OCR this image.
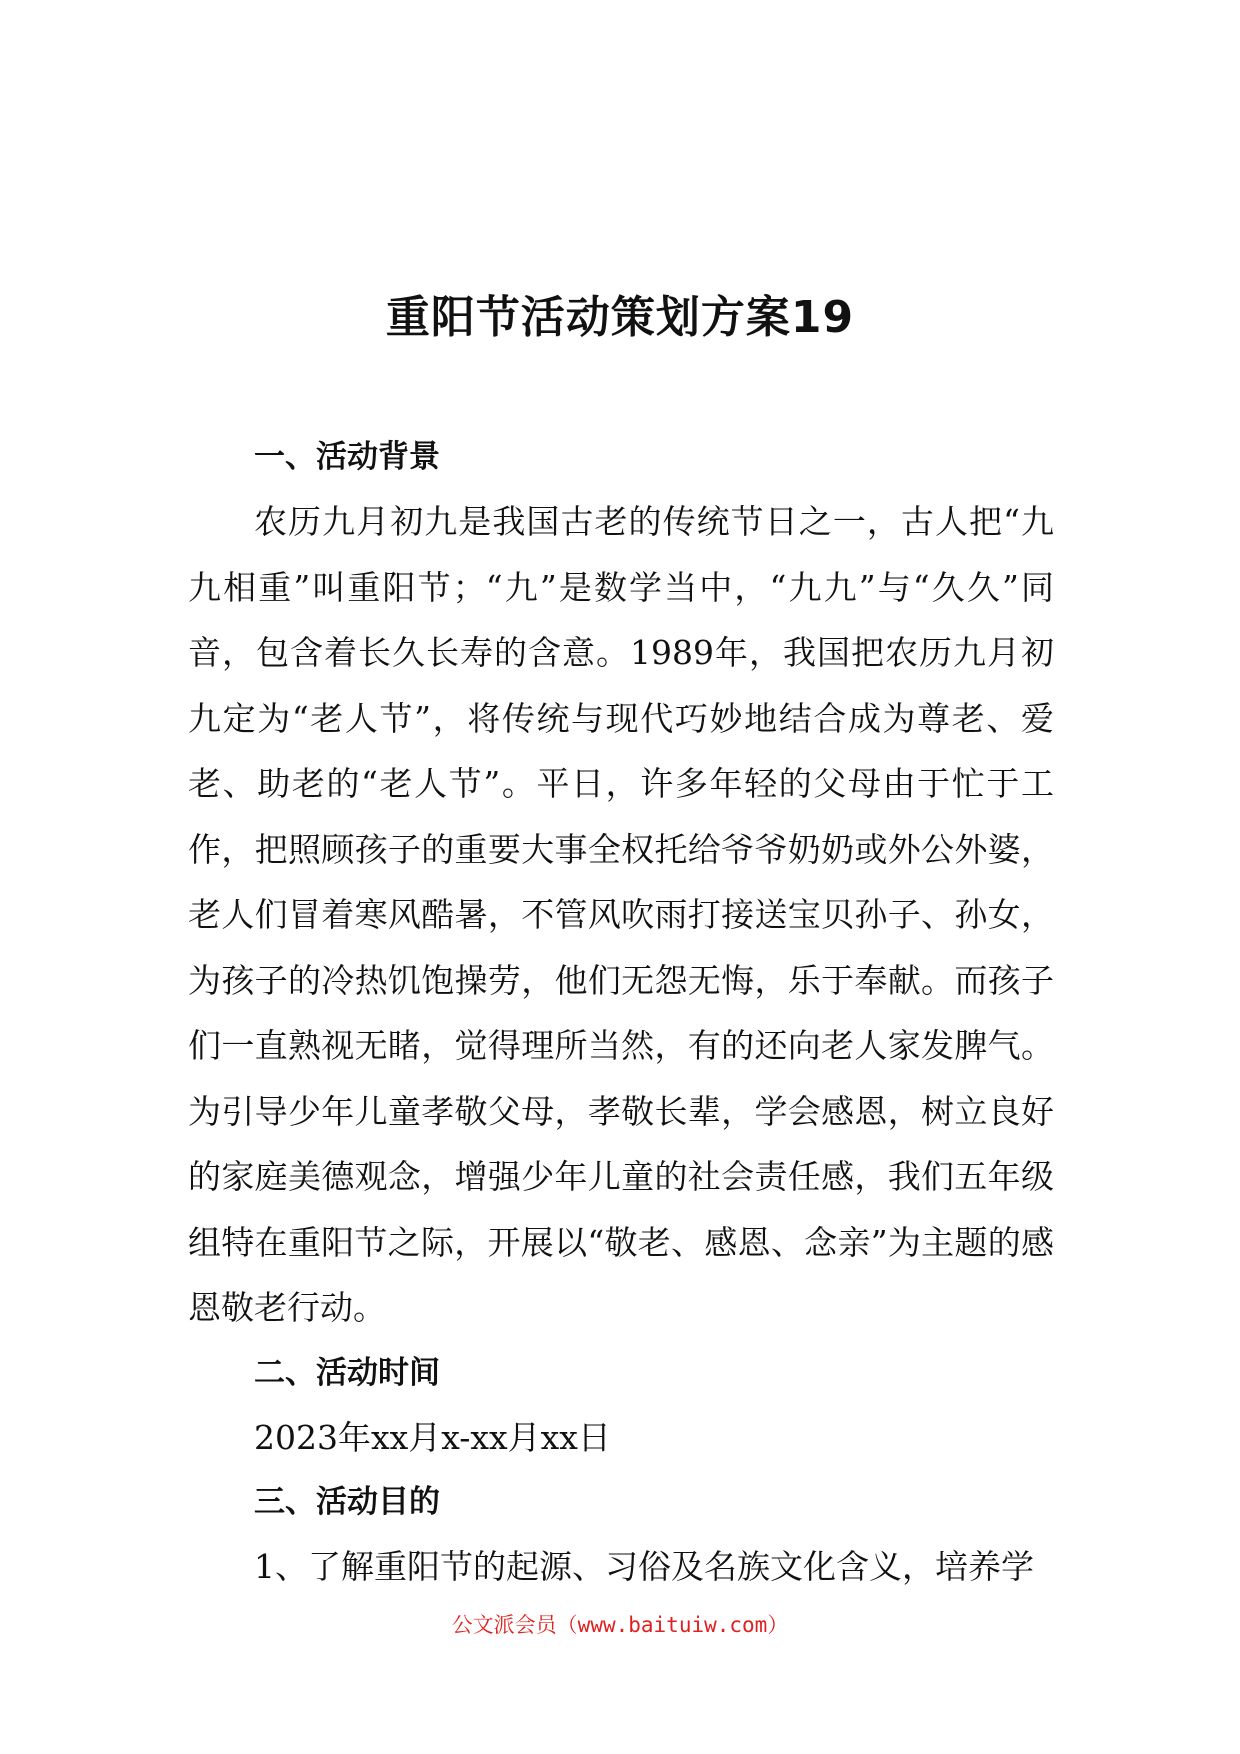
重阳节活动策划方案19
一、活动背景

农历九月初九是我国古老的传统节日之一，古人把“九九相重”叫重阳节；“九”是数学当中，“九九”与“久久”同音，包含着长久长寿的含意。1989年，我国把农历九月初九定为“老人节”，将传统与现代巧妙地结合成为尊老、爱老、助老的“老人节”。平日，许多年轻的父母由于忙于工作，把照顾孩子的重要大事全权托给爷爷奶奶或外公外婆，老人们冒着寒风酷暑，不管风吹雨打接送宝贝孙子、孙女，为孩子的冷热饥饱操劳，他们无怨无悔，乐于奉献。而孩子们一直熟视无睹，觉得理所当然，有的还向老人家发脾气。为引导少年儿童孝敬父母，孝敬长辈，学会感恩，树立良好的家庭美德观念，增强少年儿童的社会责任感，我们五年级组特在重阳节之际，开展以“敬老、感恩、念亲”为主题的感恩敬老行动。

二、活动时间

2023年xx月x-xx月xx日

三、活动目的

1、了解重阳节的起源、习俗及名族文化含义，培养学

公文派会员（www.baituiw.com）
